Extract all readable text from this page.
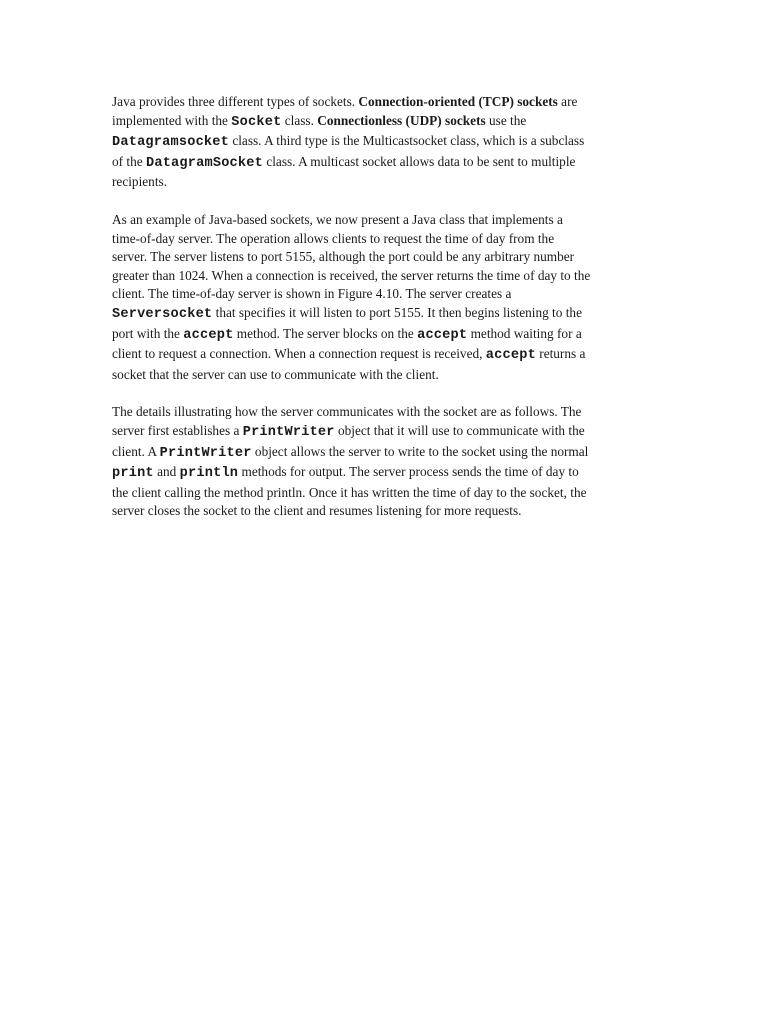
Java provides three different types of sockets. Connection-oriented (TCP) sockets are
implemented with the Socket class. Connectionless (UDP) sockets use the
Datagramsocket class. A third type is the Multicastsocket class, which is a subclass
of the DatagramSocket class. A multicast socket allows data to be sent to multiple
recipients.

As an example of Java-based sockets, we now present a Java class that implements a
time-of-day server. The operation allows clients to request the time of day from the
server. The server listens to port 5155, although the port could be any arbitrary number
greater than 1024. When a connection is received, the server returns the time of day to the
client. The time-of-day server is shown in Figure 4.10. The server creates a
Serversocket that specifies it will listen to port 5155. It then begins listening to the
port with the accept method. The server blocks on the accept method waiting for a
client to request a connection. When a connection request is received, accept returns a
socket that the server can use to communicate with the client.

The details illustrating how the server communicates with the socket are as follows. The
server first establishes a PrintWriter object that it will use to communicate with the
client. A PrintWriter object allows the server to write to the socket using the normal
print and println methods for output. The server process sends the time of day to
the client calling the method println. Once it has written the time of day to the socket, the
server closes the socket to the client and resumes listening for more requests.
